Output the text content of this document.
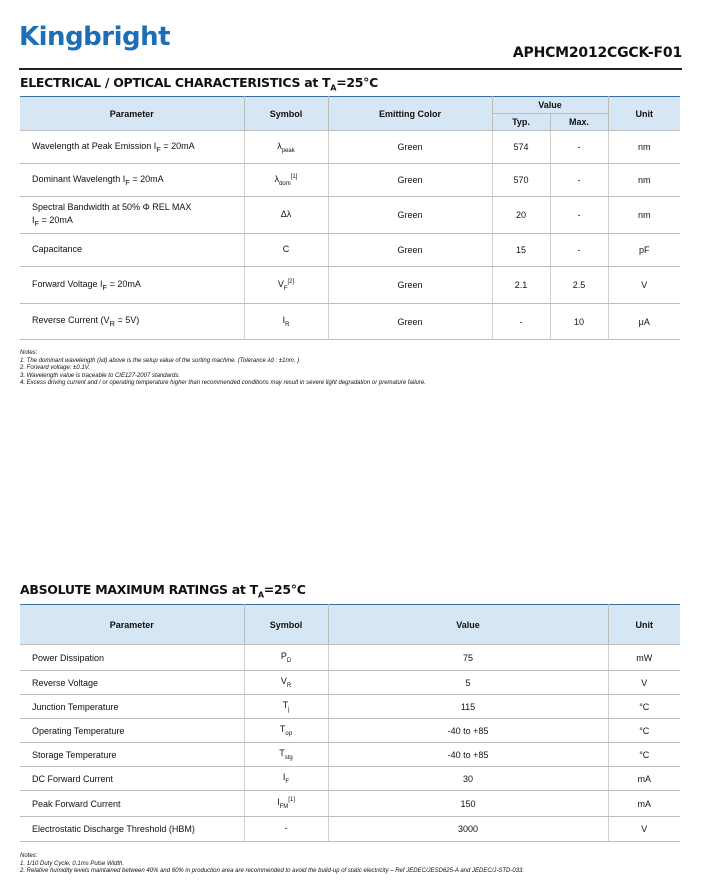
Kingbright
APHCM2012CGCK-F01
ELECTRICAL / OPTICAL CHARACTERISTICS at $T_A=25^\circ C$
Parameter	Symbol	Emitting Color	Value		Unit
			Typ.	Max.	
Wavelength at Peak Emission $I_F = 20mA$	$\lambda_{peak}$	Green	574	-	nm
Dominant Wavelength $I_F = 20mA$	$\lambda_{dom}[1]$	Green	570	-	nm
Spectral Bandwidth at 50% Φ REL MAX
$I_F = 20mA$	Δλ	Green	20	-	nm
Capacitance	C	Green	15	-	pF
Forward Voltage $I_F = 20mA$	$V_F[2]$	Green	2.1	2.5	V
Reverse Current $(V_R = 5V)$	$I_R$	Green	-	10	μA
Notes:
1. The dominant wavelength (λd) above is the setup value of the sorting machine. (Tolerance λd : ±1nm. )
2. Forward voltage: ±0.1V.
3. Wavelength value is traceable to CIE127-2007 standards.
4. Excess driving current and / or operating temperature higher than recommended conditions may result in severe light degradation or premature failure.
ABSOLUTE MAXIMUM RATINGS at $T_A=25^\circ C$
Parameter	Symbol	Value	Unit
Power Dissipation	$P_D$	75	mW
Reverse Voltage	$V_R$	5	V
Junction Temperature	$T_j$	115	°C
Operating Temperature	$T_{op}$	-40 to +85	°C
Storage Temperature	$T_{stg}$	-40 to +85	°C
DC Forward Current	$I_F$	30	mA
Peak Forward Current	$I_{FM}[1]$	150	mA
Electrostatic Discharge Threshold (HBM)	-	3000	V
Notes:
1. 1/10 Duty Cycle, 0.1ms Pulse Width.
2. Relative humidity levels maintained between 40% and 60% in production area are recommended to avoid the build-up of static electricity – Ref JEDEC/JESD625-A and JEDEC/J-STD-033.
